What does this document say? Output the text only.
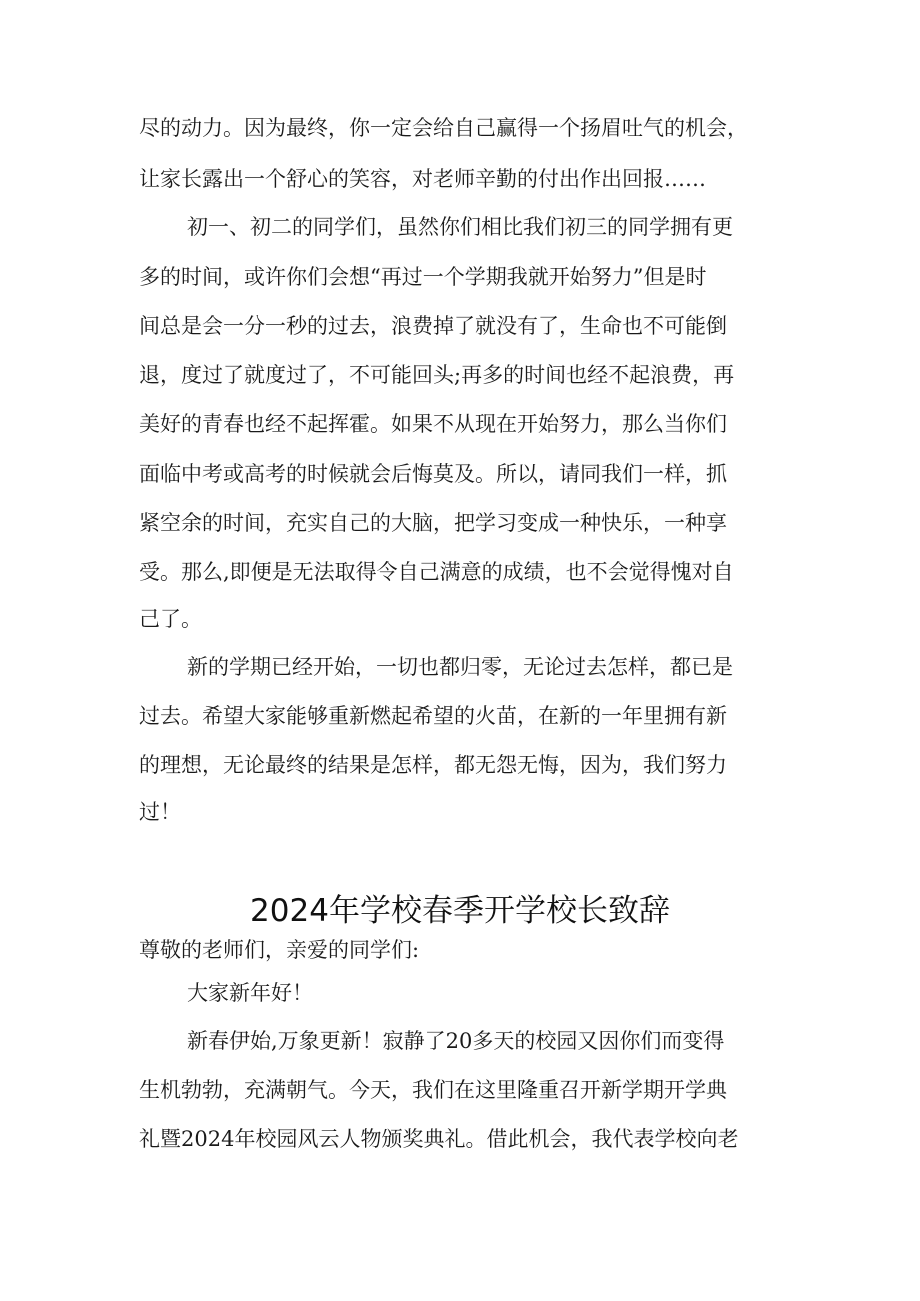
尽的动力。因为最终，你一定会给自己赢得一个扬眉吐气的机会，
让家长露出一个舒心的笑容，对老师辛勤的付出作出回报……
初一、初二的同学们，虽然你们相比我们初三的同学拥有更
多的时间，或许你们会想“再过一个学期我就开始努力”但是时
间总是会一分一秒的过去，浪费掉了就没有了，生命也不可能倒
退，度过了就度过了，不可能回头;再多的时间也经不起浪费，再
美好的青春也经不起挥霍。如果不从现在开始努力，那么当你们
面临中考或高考的时候就会后悔莫及。所以，请同我们一样，抓
紧空余的时间，充实自己的大脑，把学习变成一种快乐，一种享
受。那么,即便是无法取得令自己满意的成绩，也不会觉得愧对自
己了。
新的学期已经开始，一切也都归零，无论过去怎样，都已是
过去。希望大家能够重新燃起希望的火苗，在新的一年里拥有新
的理想，无论最终的结果是怎样，都无怨无悔，因为，我们努力
过！
2024年学校春季开学校长致辞
尊敬的老师们，亲爱的同学们:
大家新年好！
新春伊始,万象更新！寂静了20多天的校园又因你们而变得
生机勃勃，充满朝气。今天，我们在这里隆重召开新学期开学典
礼暨2024年校园风云人物颁奖典礼。借此机会，我代表学校向老
